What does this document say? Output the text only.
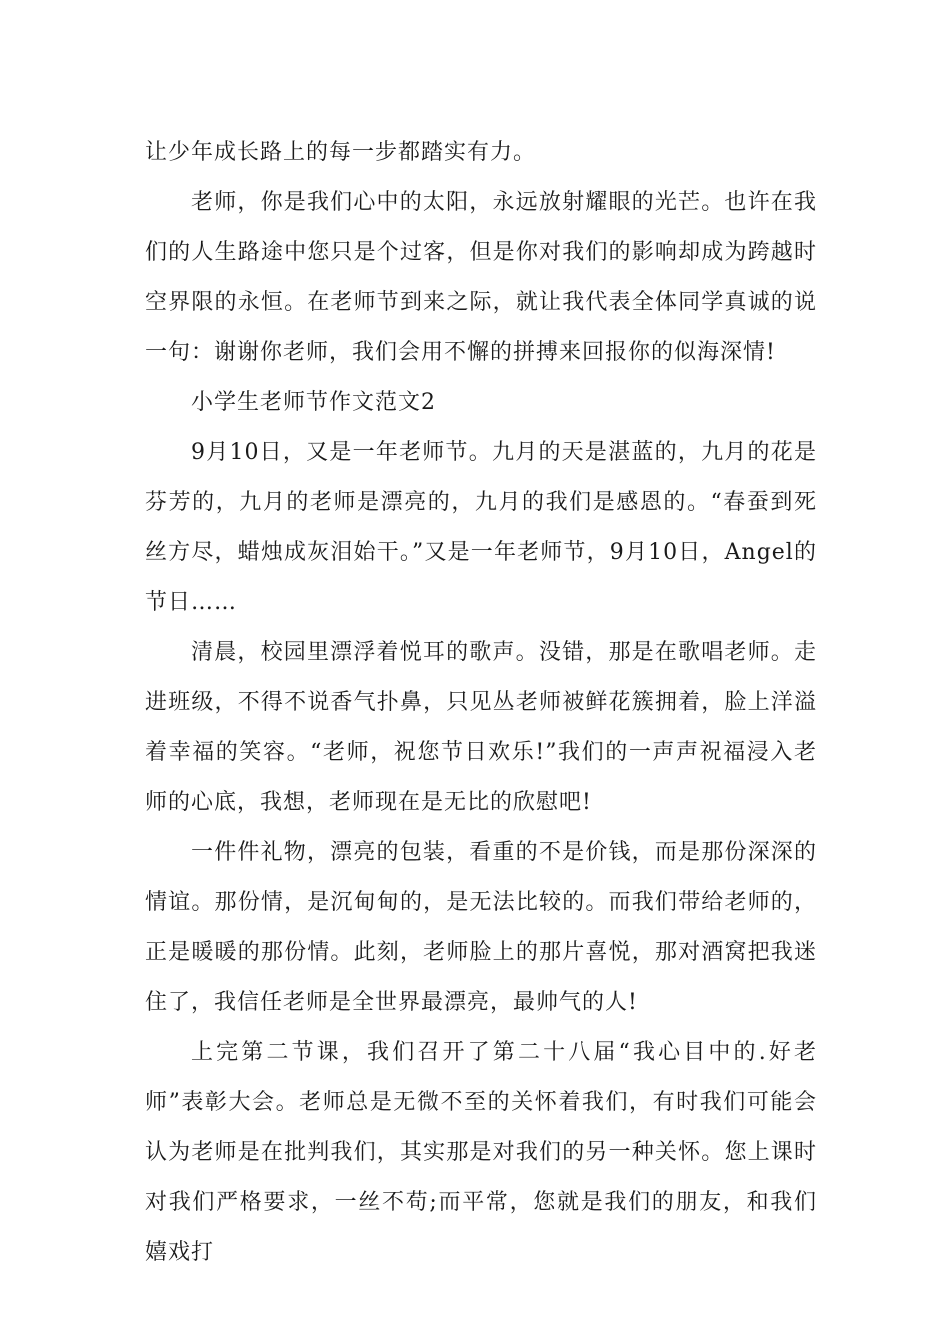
让少年成长路上的每一步都踏实有力。

老师，你是我们心中的太阳，永远放射耀眼的光芒。也许在我们的人生路途中您只是个过客，但是你对我们的影响却成为跨越时空界限的永恒。在老师节到来之际，就让我代表全体同学真诚的说一句：谢谢你老师，我们会用不懈的拼搏来回报你的似海深情!

小学生老师节作文范文2

9月10日，又是一年老师节。九月的天是湛蓝的，九月的花是芬芳的，九月的老师是漂亮的，九月的我们是感恩的。“春蚕到死丝方尽，蜡烛成灰泪始干。”又是一年老师节，9月10日，Angel的节日……

清晨，校园里漂浮着悦耳的歌声。没错，那是在歌唱老师。走进班级，不得不说香气扑鼻，只见丛老师被鲜花簇拥着，脸上洋溢着幸福的笑容。“老师，祝您节日欢乐!”我们的一声声祝福浸入老师的心底，我想，老师现在是无比的欣慰吧!

一件件礼物，漂亮的包装，看重的不是价钱，而是那份深深的情谊。那份情，是沉甸甸的，是无法比较的。而我们带给老师的，正是暖暖的那份情。此刻，老师脸上的那片喜悦，那对酒窝把我迷住了，我信任老师是全世界最漂亮，最帅气的人!

上完第二节课，我们召开了第二十八届“我心目中的.好老师”表彰大会。老师总是无微不至的关怀着我们，有时我们可能会认为老师是在批判我们，其实那是对我们的另一种关怀。您上课时对我们严格要求，一丝不苟;而平常，您就是我们的朋友，和我们嬉戏打
